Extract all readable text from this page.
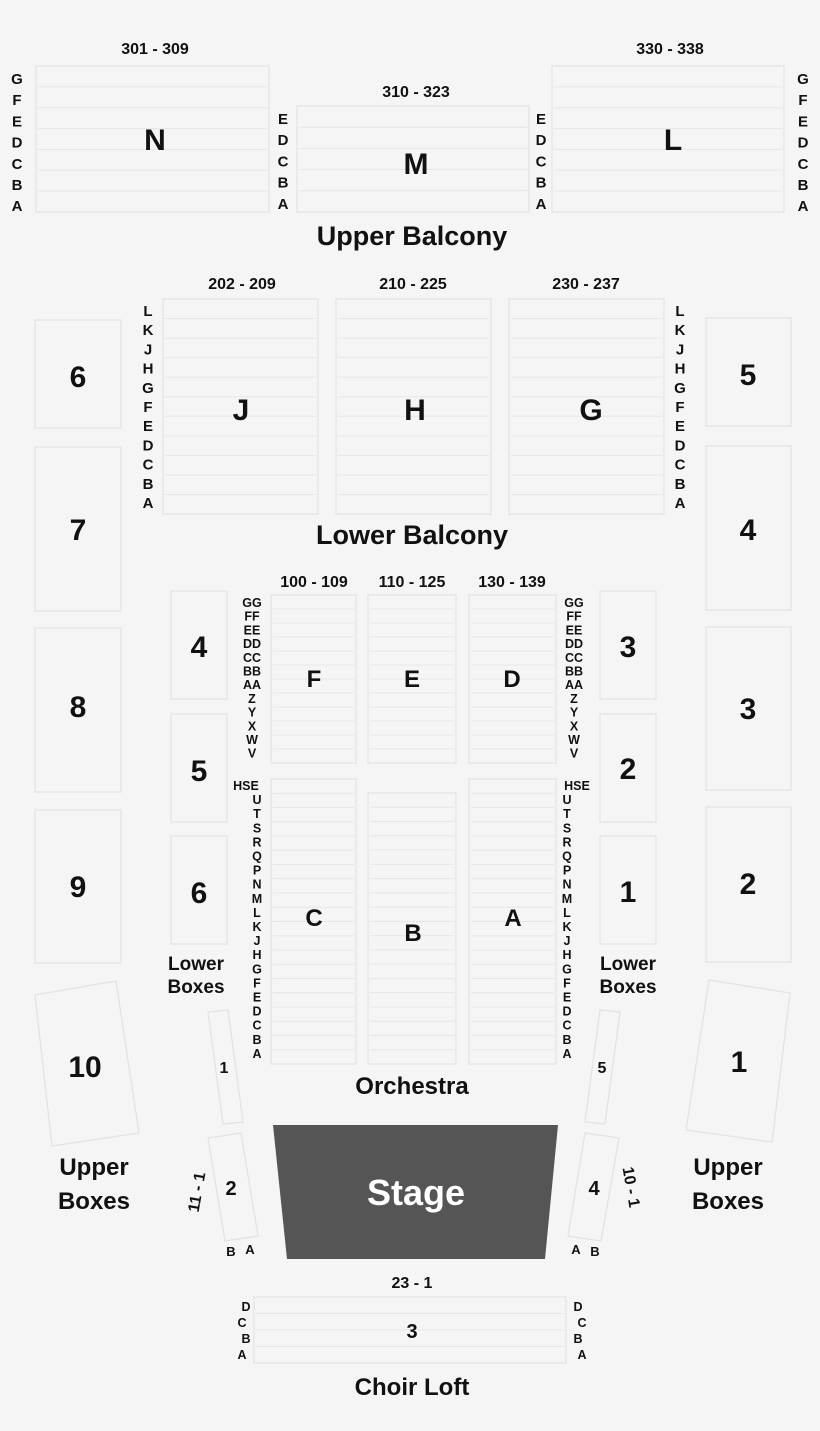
N
301 - 309
M
310 - 323
L
330 - 338
G
F
E
D
C
B
A
E
D
C
B
A
E
D
C
B
A
G
F
E
D
C
B
A
Upper Balcony
J
202 - 209
H
210 - 225
G
230 - 237
L
K
J
H
G
F
E
D
C
B
A
L
K
J
H
G
F
E
D
C
B
A
Lower Balcony
6
7
8
9
10
Upper
Boxes
5
4
3
2
1
Upper
Boxes
4
5
6
Lower
Boxes
3
2
1
Lower
Boxes
F
100 - 109
E
110 - 125
D
130 - 139
C
B
A
GG
FF
EE
DD
CC
BB
AA
Z
Y
X
W
V
GG
FF
EE
DD
CC
BB
AA
Z
Y
X
W
V
HSE
U
T
S
R
Q
P
N
M
L
K
J
H
G
F
E
D
C
B
A
HSE
U
T
S
R
Q
P
N
M
L
K
J
H
G
F
E
D
C
B
A
Orchestra
1
2
11 - 1
B A
5
4 10 - 1
A B
Stage
23 - 1
3
D
C
B
A
D
C
B
A
Choir Loft
